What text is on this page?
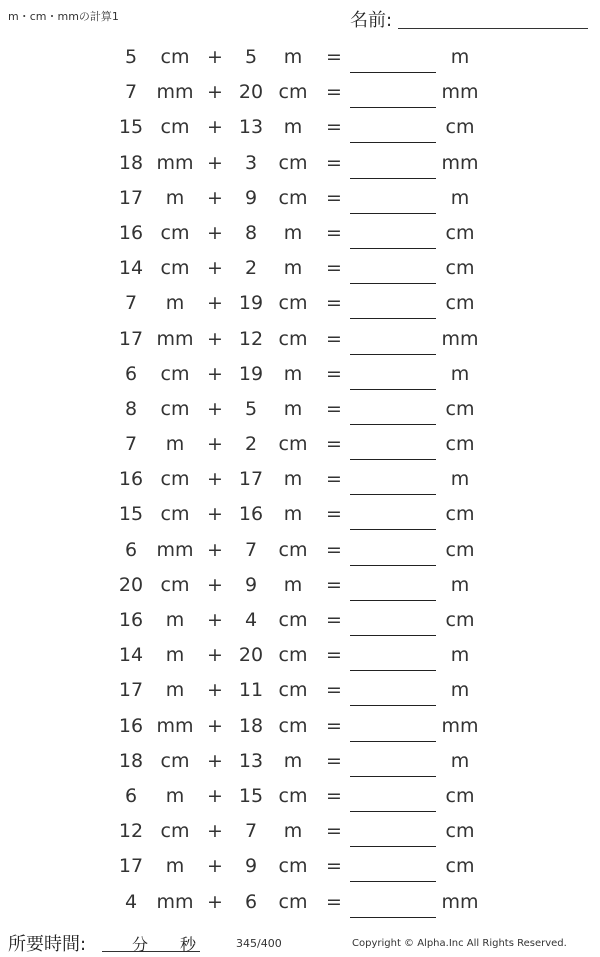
m・cm・mmの計算1	名前:
5	cm +	5	m	=	m
7	mm + 20 cm =	mm
15 cm + 13	m	=	cm
18 mm +	3	cm =	mm
17	m	+	9	cm =	m
16 cm +	8	m	=	cm
14 cm +	2	m	=	cm
7	m	+ 19 cm =	cm
17 mm + 12 cm =	mm
6	cm + 19	m	=	m
8	cm +	5	m	=	cm
7	m	+	2	cm =	cm
16 cm + 17	m	=	m
15 cm + 16	m	=	cm
6	mm +	7	cm =	cm
20 cm +	9	m	=	m
16	m	+	4	cm =	cm
14	m	+ 20 cm =	m
17	m	+ 11 cm =	m
16 mm + 18 cm =	mm
18 cm + 13	m	=	m
6	m	+ 15 cm =	cm
12 cm +	7	m	=	cm
17	m	+	9	cm =	cm
4	mm +	6	cm =	mm
所要時間:	分 秒	345/400	Copyright © Alpha.Inc All Rights Reserved.
